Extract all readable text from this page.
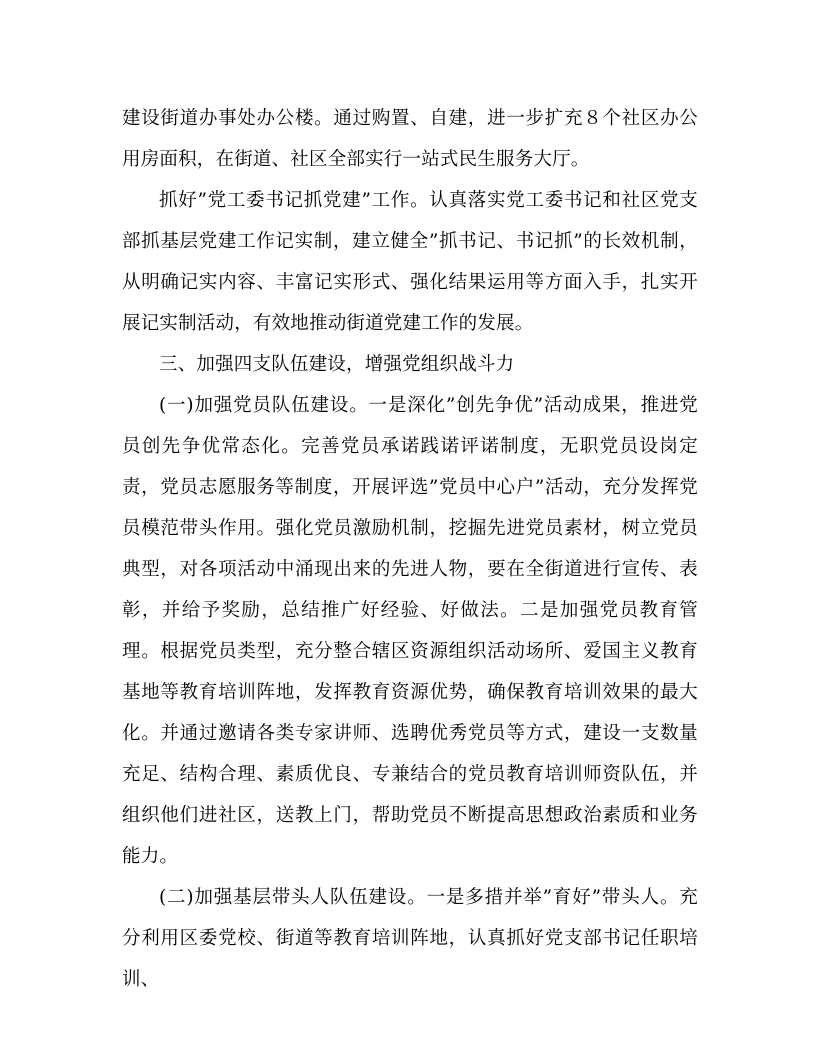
建设街道办事处办公楼。通过购置、自建，进一步扩充８个社区办公用房面积，在街道、社区全部实行一站式民生服务大厅。

抓好”党工委书记抓党建”工作。认真落实党工委书记和社区党支部抓基层党建工作记实制，建立健全”抓书记、书记抓”的长效机制，从明确记实内容、丰富记实形式、强化结果运用等方面入手，扎实开展记实制活动，有效地推动街道党建工作的发展。

三、加强四支队伍建设，增强党组织战斗力

(一)加强党员队伍建设。一是深化”创先争优”活动成果，推进党员创先争优常态化。完善党员承诺践诺评诺制度，无职党员设岗定责，党员志愿服务等制度，开展评选”党员中心户”活动，充分发挥党员模范带头作用。强化党员激励机制，挖掘先进党员素材，树立党员典型，对各项活动中涌现出来的先进人物，要在全街道进行宣传、表彰，并给予奖励，总结推广好经验、好做法。二是加强党员教育管理。根据党员类型，充分整合辖区资源组织活动场所、爱国主义教育基地等教育培训阵地，发挥教育资源优势，确保教育培训效果的最大化。并通过邀请各类专家讲师、选聘优秀党员等方式，建设一支数量充足、结构合理、素质优良、专兼结合的党员教育培训师资队伍，并组织他们进社区，送教上门，帮助党员不断提高思想政治素质和业务能力。

(二)加强基层带头人队伍建设。一是多措并举”育好”带头人。充分利用区委党校、街道等教育培训阵地，认真抓好党支部书记任职培训、
